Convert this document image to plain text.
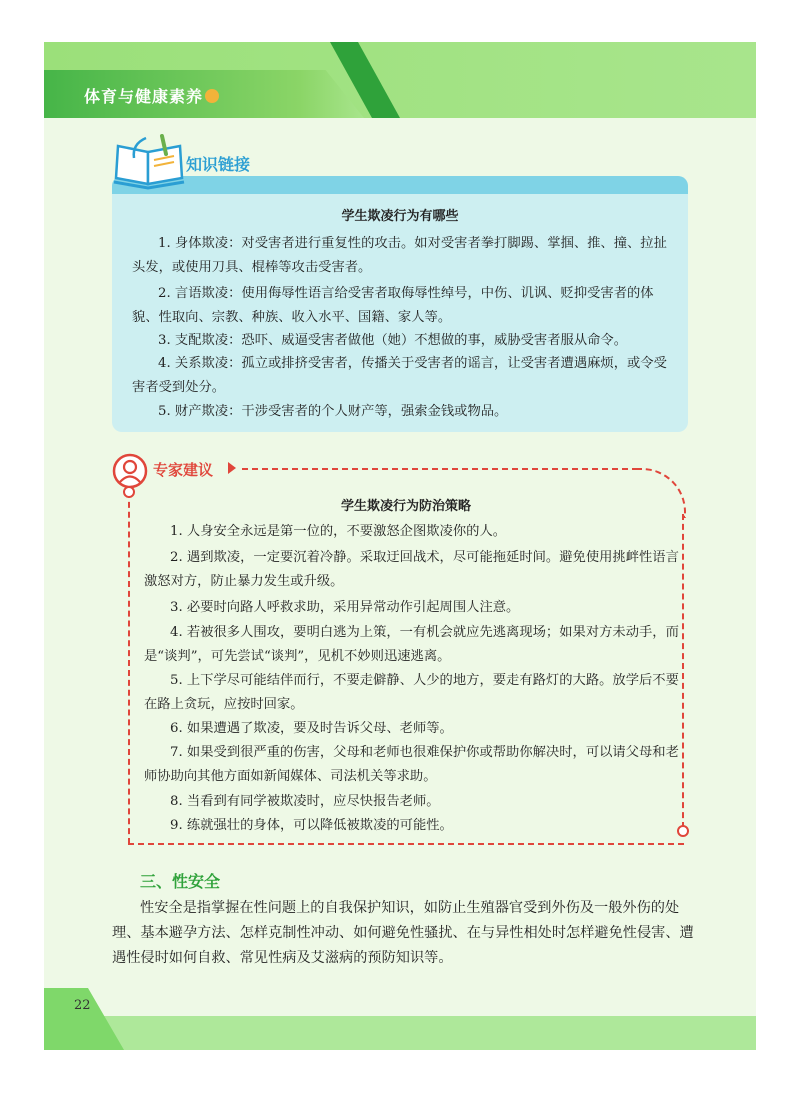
体育与健康素养
知识链接
学生欺凌行为有哪些

1. 身体欺凌：对受害者进行重复性的攻击。如对受害者拳打脚踢、掌掴、推、撞、拉扯头发，或使用刀具、棍棒等攻击受害者。

2. 言语欺凌：使用侮辱性语言给受害者取侮辱性绰号，中伤、讥讽、贬抑受害者的体貌、性取向、宗教、种族、收入水平、国籍、家人等。

3. 支配欺凌：恐吓、威逼受害者做他（她）不想做的事，威胁受害者服从命令。

4. 关系欺凌：孤立或排挤受害者，传播关于受害者的谣言，让受害者遭遇麻烦，或令受害者受到处分。

5. 财产欺凌：干涉受害者的个人财产等，强索金钱或物品。

专家建议
学生欺凌行为防治策略

1. 人身安全永远是第一位的，不要激怒企图欺凌你的人。

2. 遇到欺凌，一定要沉着冷静。采取迂回战术，尽可能拖延时间。避免使用挑衅性语言激怒对方，防止暴力发生或升级。

3. 必要时向路人呼救求助，采用异常动作引起周围人注意。

4. 若被很多人围攻，要明白逃为上策，一有机会就应先逃离现场；如果对方未动手，而是“谈判”，可先尝试“谈判”，见机不妙则迅速逃离。

5. 上下学尽可能结伴而行，不要走僻静、人少的地方，要走有路灯的大路。放学后不要在路上贪玩，应按时回家。

6. 如果遭遇了欺凌，要及时告诉父母、老师等。

7. 如果受到很严重的伤害，父母和老师也很难保护你或帮助你解决时，可以请父母和老师协助向其他方面如新闻媒体、司法机关等求助。

8. 当看到有同学被欺凌时，应尽快报告老师。

9. 练就强壮的身体，可以降低被欺凌的可能性。

三、性安全

性安全是指掌握在性问题上的自我保护知识，如防止生殖器官受到外伤及一般外伤的处理、基本避孕方法、怎样克制性冲动、如何避免性骚扰、在与异性相处时怎样避免性侵害、遭遇性侵时如何自救、常见性病及艾滋病的预防知识等。

22
